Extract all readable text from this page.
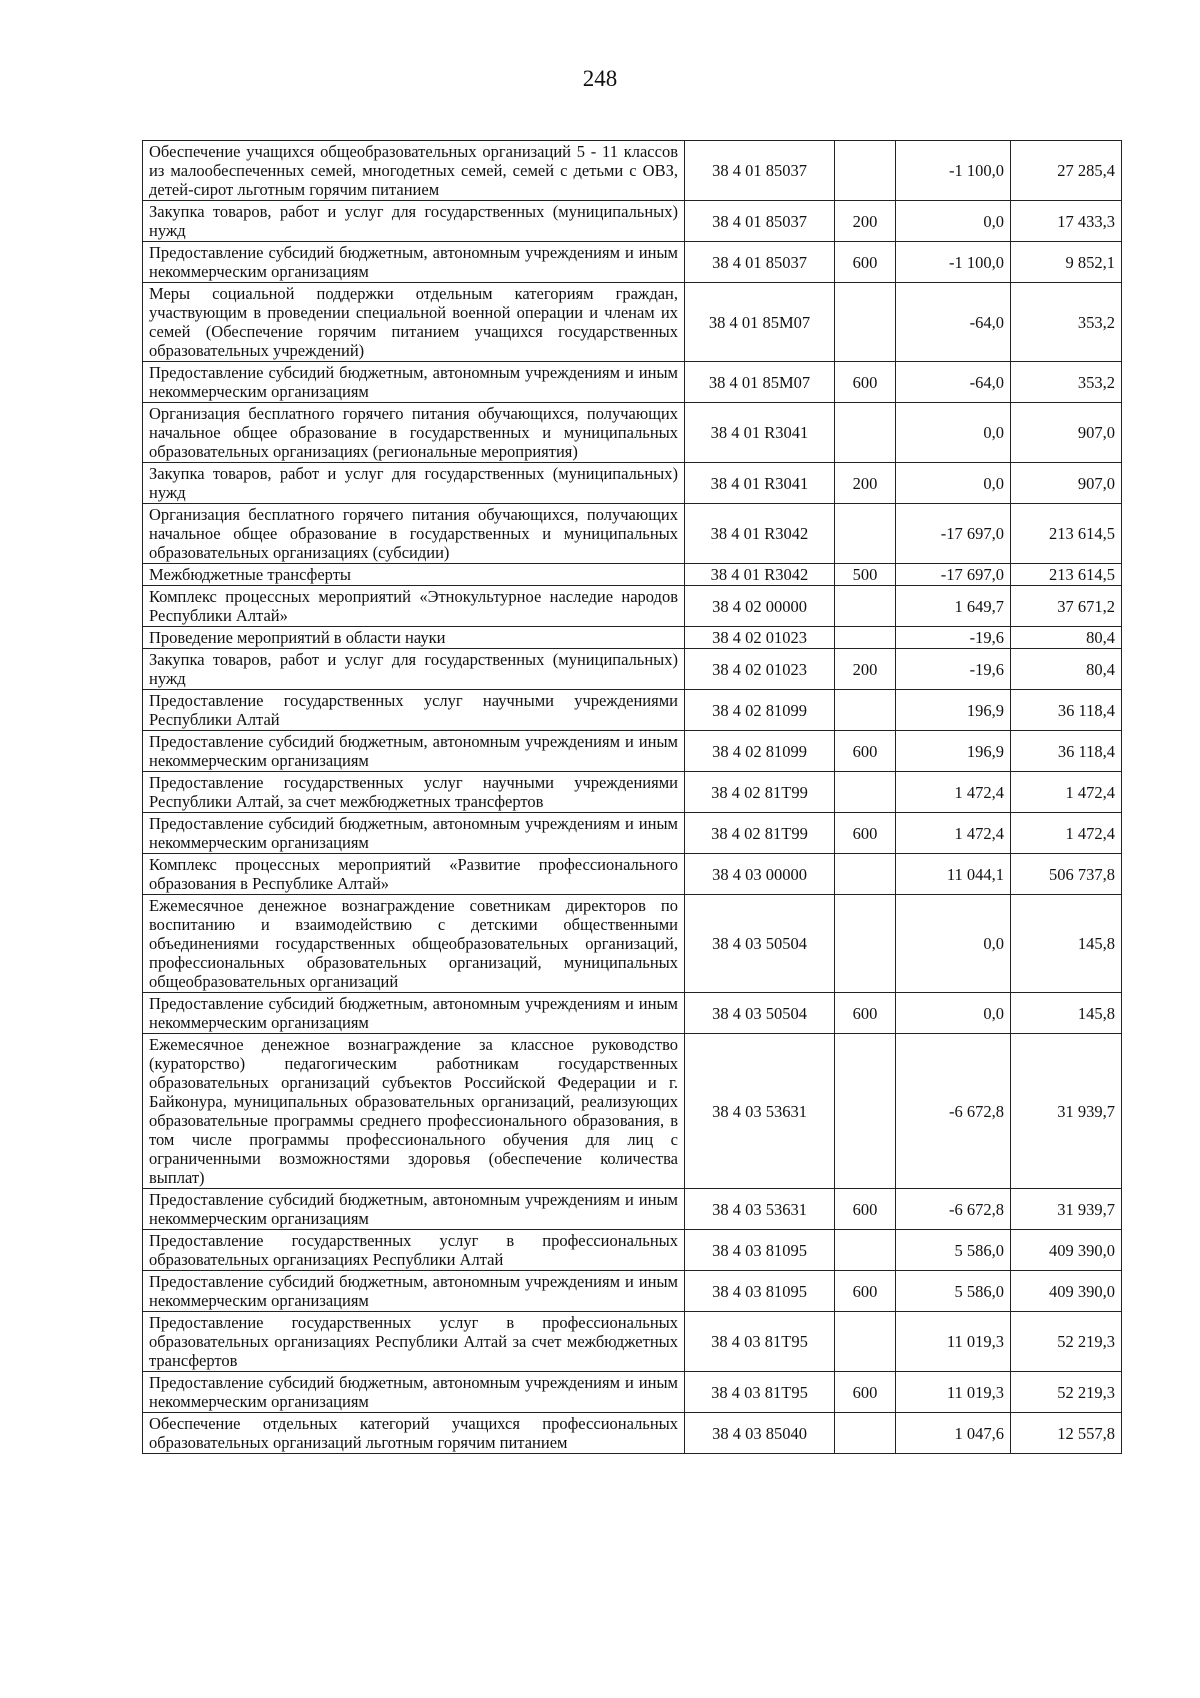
248
Обеспечение учащихся общеобразовательных организаций 5 - 11 классов из малообеспеченных семей, многодетных семей, семей с детьми с ОВЗ, детей-сирот льготным горячим питанием	38 4 01 85037		-1 100,0	27 285,4
Закупка товаров, работ и услуг для государственных (муниципальных) нужд	38 4 01 85037	200	0,0	17 433,3
Предоставление субсидий бюджетным, автономным учреждениям и иным некоммерческим организациям	38 4 01 85037	600	-1 100,0	9 852,1
Меры социальной поддержки отдельным категориям граждан, участвующим в проведении специальной военной операции и членам их семей (Обеспечение горячим питанием учащихся государственных образовательных учреждений)	38 4 01 85М07		-64,0	353,2
Предоставление субсидий бюджетным, автономным учреждениям и иным некоммерческим организациям	38 4 01 85М07	600	-64,0	353,2
Организация бесплатного горячего питания обучающихся, получающих начальное общее образование в государственных и муниципальных образовательных организациях (региональные мероприятия)	38 4 01 R3041		0,0	907,0
Закупка товаров, работ и услуг для государственных (муниципальных) нужд	38 4 01 R3041	200	0,0	907,0
Организация бесплатного горячего питания обучающихся, получающих начальное общее образование в государственных и муниципальных образовательных организациях (субсидии)	38 4 01 R3042		-17 697,0	213 614,5
Межбюджетные трансферты	38 4 01 R3042	500	-17 697,0	213 614,5
Комплекс процессных мероприятий «Этнокультурное наследие народов Республики Алтай»	38 4 02 00000		1 649,7	37 671,2
Проведение мероприятий в области науки	38 4 02 01023		-19,6	80,4
Закупка товаров, работ и услуг для государственных (муниципальных) нужд	38 4 02 01023	200	-19,6	80,4
Предоставление государственных услуг научными учреждениями Республики Алтай	38 4 02 81099		196,9	36 118,4
Предоставление субсидий бюджетным, автономным учреждениям и иным некоммерческим организациям	38 4 02 81099	600	196,9	36 118,4
Предоставление государственных услуг научными учреждениями Республики Алтай, за счет межбюджетных трансфертов	38 4 02 81Т99		1 472,4	1 472,4
Предоставление субсидий бюджетным, автономным учреждениям и иным некоммерческим организациям	38 4 02 81Т99	600	1 472,4	1 472,4
Комплекс процессных мероприятий «Развитие профессионального образования в Республике Алтай»	38 4 03 00000		11 044,1	506 737,8
Ежемесячное денежное вознаграждение советникам директоров по воспитанию и взаимодействию с детскими общественными объединениями государственных общеобразовательных организаций, профессиональных образовательных организаций, муниципальных общеобразовательных организаций	38 4 03 50504		0,0	145,8
Предоставление субсидий бюджетным, автономным учреждениям и иным некоммерческим организациям	38 4 03 50504	600	0,0	145,8
Ежемесячное денежное вознаграждение за классное руководство (кураторство) педагогическим работникам государственных образовательных организаций субъектов Российской Федерации и г. Байконура, муниципальных образовательных организаций, реализующих образовательные программы среднего профессионального образования, в том числе программы профессионального обучения для лиц с ограниченными возможностями здоровья (обеспечение количества выплат)	38 4 03 53631		-6 672,8	31 939,7
Предоставление субсидий бюджетным, автономным учреждениям и иным некоммерческим организациям	38 4 03 53631	600	-6 672,8	31 939,7
Предоставление государственных услуг в профессиональных образовательных организациях Республики Алтай	38 4 03 81095		5 586,0	409 390,0
Предоставление субсидий бюджетным, автономным учреждениям и иным некоммерческим организациям	38 4 03 81095	600	5 586,0	409 390,0
Предоставление государственных услуг в профессиональных образовательных организациях Республики Алтай за счет межбюджетных трансфертов	38 4 03 81Т95		11 019,3	52 219,3
Предоставление субсидий бюджетным, автономным учреждениям и иным некоммерческим организациям	38 4 03 81Т95	600	11 019,3	52 219,3
Обеспечение отдельных категорий учащихся профессиональных образовательных организаций льготным горячим питанием	38 4 03 85040		1 047,6	12 557,8
